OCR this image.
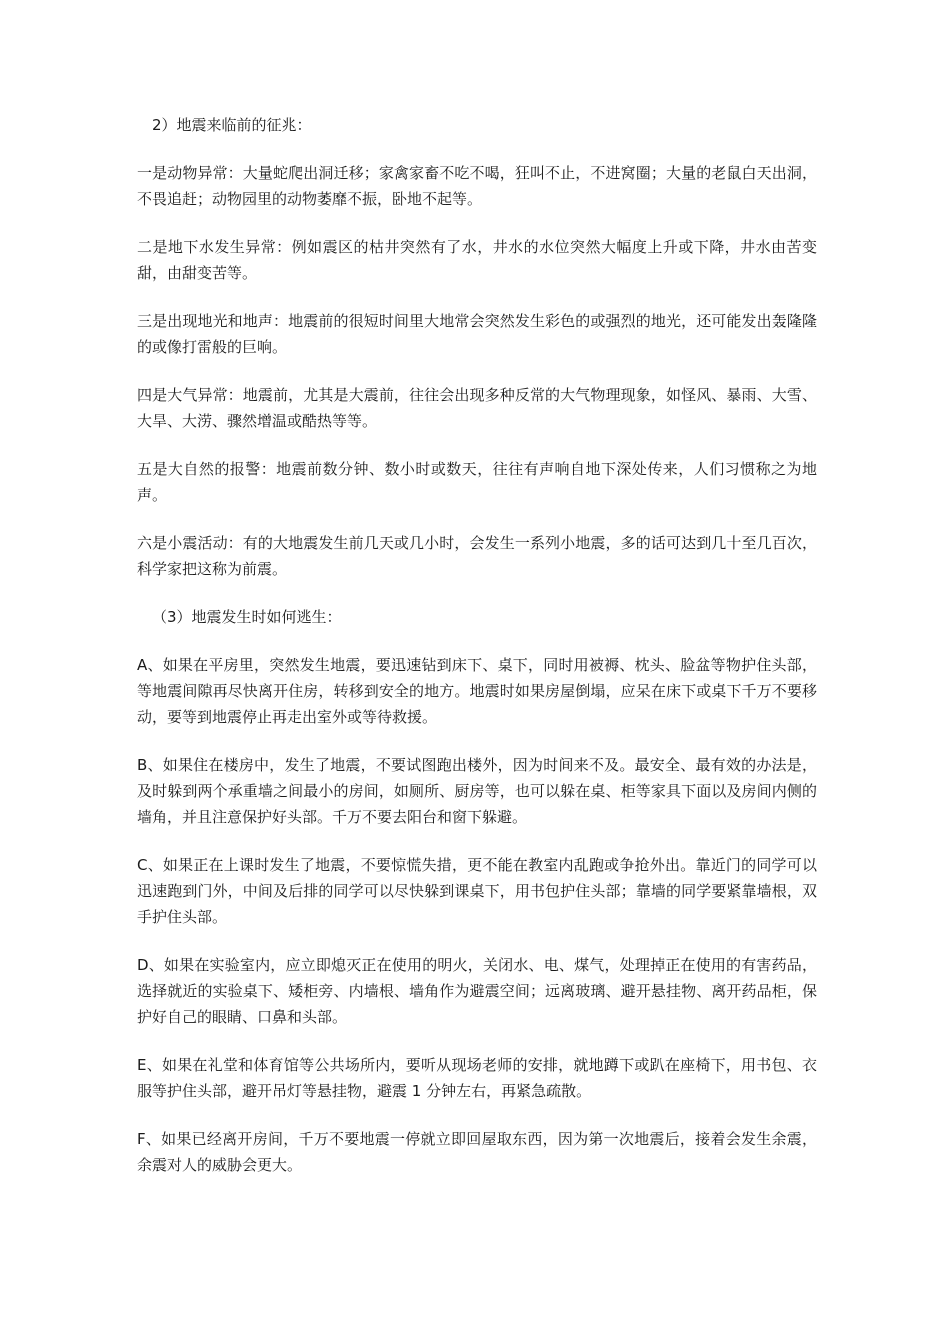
2）地震来临前的征兆：

一是动物异常：大量蛇爬出洞迁移；家禽家畜不吃不喝，狂叫不止，不进窝圈；大量的老鼠白天出洞，不畏追赶；动物园里的动物萎靡不振，卧地不起等。

二是地下水发生异常：例如震区的枯井突然有了水，井水的水位突然大幅度上升或下降，井水由苦变甜，由甜变苦等。

三是出现地光和地声：地震前的很短时间里大地常会突然发生彩色的或强烈的地光，还可能发出轰隆隆的或像打雷般的巨响。

四是大气异常：地震前，尤其是大震前，往往会出现多种反常的大气物理现象，如怪风、暴雨、大雪、大旱、大涝、骤然增温或酷热等等。

五是大自然的报警：地震前数分钟、数小时或数天，往往有声响自地下深处传来，人们习惯称之为地声。

六是小震活动：有的大地震发生前几天或几小时，会发生一系列小地震，多的话可达到几十至几百次，科学家把这称为前震。

（3）地震发生时如何逃生：

A、如果在平房里，突然发生地震，要迅速钻到床下、桌下，同时用被褥、枕头、脸盆等物护住头部，等地震间隙再尽快离开住房，转移到安全的地方。地震时如果房屋倒塌，应呆在床下或桌下千万不要移动，要等到地震停止再走出室外或等待救援。

B、如果住在楼房中，发生了地震，不要试图跑出楼外，因为时间来不及。最安全、最有效的办法是，及时躲到两个承重墙之间最小的房间，如厕所、厨房等，也可以躲在桌、柜等家具下面以及房间内侧的墙角，并且注意保护好头部。千万不要去阳台和窗下躲避。

C、如果正在上课时发生了地震，不要惊慌失措，更不能在教室内乱跑或争抢外出。靠近门的同学可以迅速跑到门外，中间及后排的同学可以尽快躲到课桌下，用书包护住头部；靠墙的同学要紧靠墙根，双手护住头部。

D、如果在实验室内，应立即熄灭正在使用的明火，关闭水、电、煤气，处理掉正在使用的有害药品，选择就近的实验桌下、矮柜旁、内墙根、墙角作为避震空间；远离玻璃、避开悬挂物、离开药品柜，保护好自己的眼睛、口鼻和头部。

E、如果在礼堂和体育馆等公共场所内，要听从现场老师的安排，就地蹲下或趴在座椅下，用书包、衣服等护住头部，避开吊灯等悬挂物，避震 1 分钟左右，再紧急疏散。

F、如果已经离开房间，千万不要地震一停就立即回屋取东西，因为第一次地震后，接着会发生余震，余震对人的威胁会更大。
